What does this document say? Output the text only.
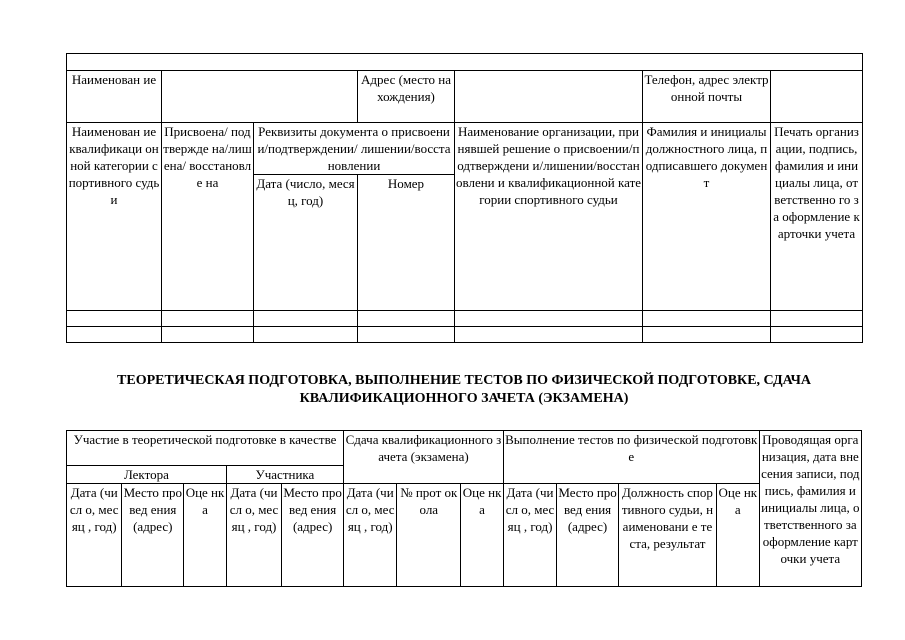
Наименован ие			Адрес (место нахождения)		Телефон, адрес электронной почты	
Наименован ие квалификаци онной категории спортивного судьи	Присвоена/ подтвержде на/лишена/ восстановле на	Реквизиты документа о присвоении/подтверждении/ лишении/восстановлении		Наименование организации, принявшей решение о присвоении/подтверждени и/лишении/восстановлени и квалификационной категории спортивного судьи	Фамилия и инициалы должностного лица, подписавшего документ	Печать организации, подпись, фамилия и инициалы лица, ответственно го за оформление карточки учета
		Дата (число, месяц, год)	Номер			

ТЕОРЕТИЧЕСКАЯ ПОДГОТОВКА, ВЫПОЛНЕНИЕ ТЕСТОВ ПО ФИЗИЧЕСКОЙ ПОДГОТОВКЕ, СДАЧА КВАЛИФИКАЦИОННОГО ЗАЧЕТА (ЭКЗАМЕНА)
Участие в теоретической подготовке в качестве					Сдача квалификационного зачета (экзамена)			Выполнение тестов по физической подготовке				Проводящая организация, дата внесения записи, подпись, фамилия и инициалы лица, ответственного за оформление карточки учета
Лектора			Участника									
Дата (числ о, месяц , год)	Место провед ения (адрес)	Оце нка	Дата (числ о, месяц , год)	Место провед ения (адрес)	Дата (числ о, месяц , год)	№ прот окола	Оце нка	Дата (числ о, месяц , год)	Место провед ения (адрес)	Должность спортивного судьи, наименовани е теста, результат	Оце нка	
